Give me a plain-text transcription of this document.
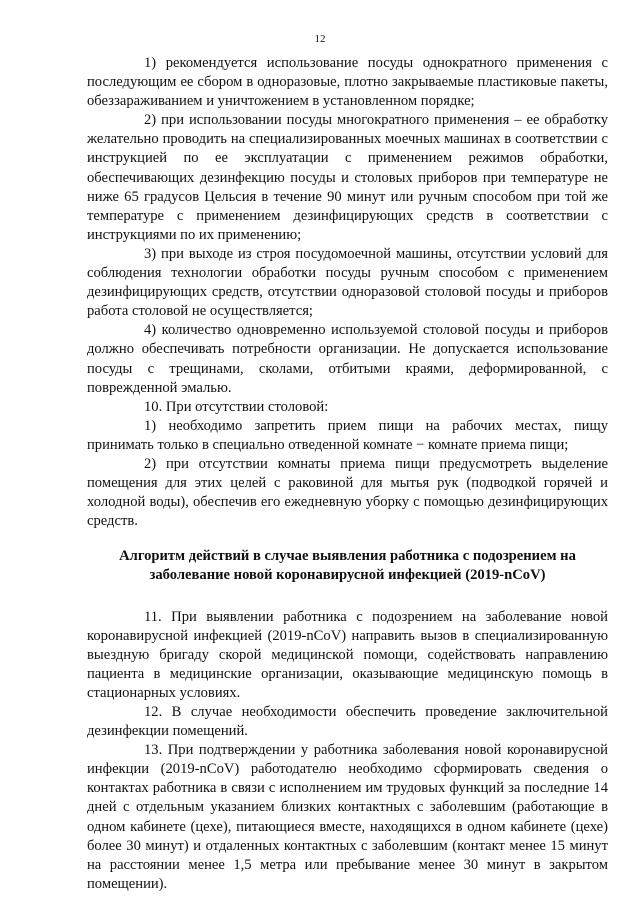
12

1) рекомендуется использование посуды однократного применения с последующим ее сбором в одноразовые, плотно закрываемые пластиковые пакеты, обеззараживанием и уничтожением в установленном порядке;

2) при использовании посуды многократного применения – ее обработку желательно проводить на специализированных моечных машинах в соответствии с инструкцией по ее эксплуатации с применением режимов обработки, обеспечивающих дезинфекцию посуды и столовых приборов при температуре не ниже 65 градусов Цельсия в течение 90 минут или ручным способом при той же температуре с применением дезинфицирующих средств в соответствии с инструкциями по их применению;

3) при выходе из строя посудомоечной машины, отсутствии условий для соблюдения технологии обработки посуды ручным способом с применением дезинфицирующих средств, отсутствии одноразовой столовой посуды и приборов работа столовой не осуществляется;

4) количество одновременно используемой столовой посуды и приборов должно обеспечивать потребности организации. Не допускается использование посуды с трещинами, сколами, отбитыми краями, деформированной, с поврежденной эмалью.

10. При отсутствии столовой:

1) необходимо запретить прием пищи на рабочих местах, пищу принимать только в специально отведенной комнате − комнате приема пищи;

2) при отсутствии комнаты приема пищи предусмотреть выделение помещения для этих целей с раковиной для мытья рук (подводкой горячей и холодной воды), обеспечив его ежедневную уборку с помощью дезинфицирующих средств.

Алгоритм действий в случае выявления работника с подозрением на заболевание новой коронавирусной инфекцией (2019-nCoV)

11. При выявлении работника с подозрением на заболевание новой коронавирусной инфекцией (2019-nCoV) направить вызов в специализированную выездную бригаду скорой медицинской помощи, содействовать направлению пациента в медицинские организации, оказывающие медицинскую помощь в стационарных условиях.

12. В случае необходимости обеспечить проведение заключительной дезинфекции помещений.

13. При подтверждении у работника заболевания новой коронавирусной инфекции (2019-nCoV) работодателю необходимо сформировать сведения о контактах работника в связи с исполнением им трудовых функций за последние 14 дней с отдельным указанием близких контактных с заболевшим (работающие в одном кабинете (цехе), питающиеся вместе, находящихся в одном кабинете (цехе) более 30 минут) и отдаленных контактных с заболевшим (контакт менее 15 минут на расстоянии менее 1,5 метра или пребывание менее 30 минут в закрытом помещении).
